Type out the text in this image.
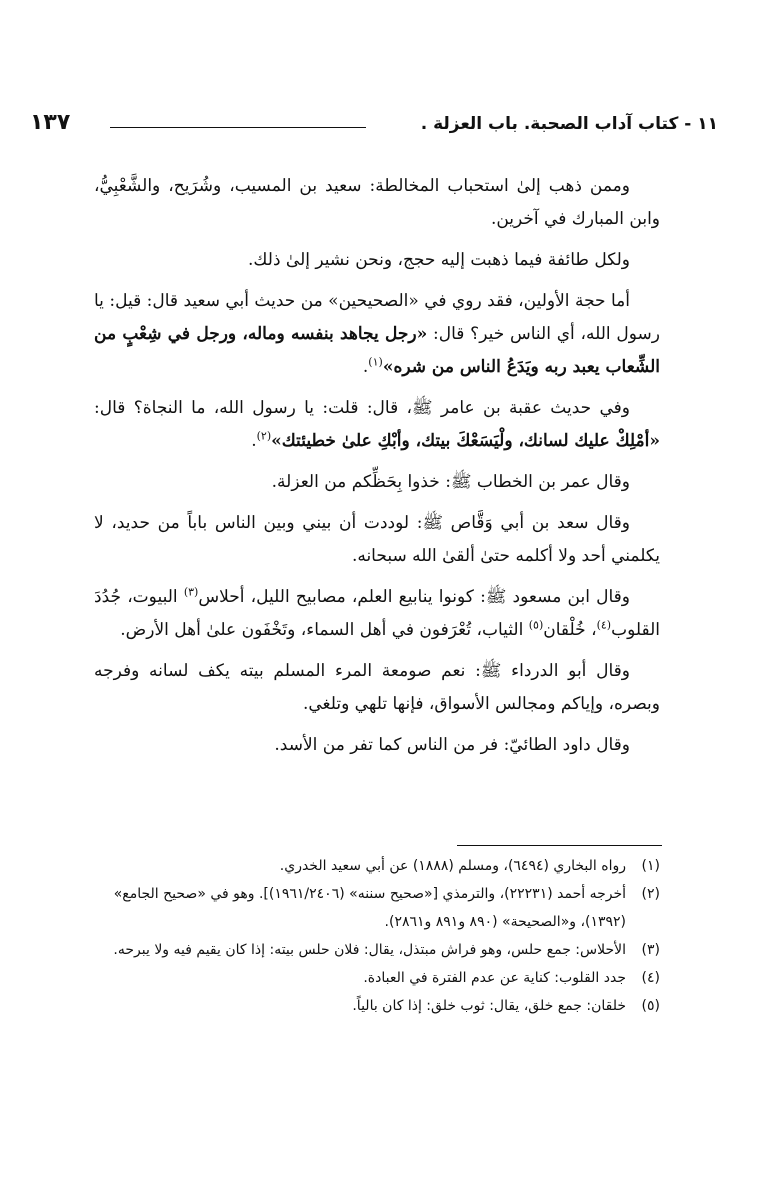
١١ - كتاب آداب الصحبة. باب العزلة .
١٣٧

وممن ذهب إلىٰ استحباب المخالطة: سعيد بن المسيب، وشُرَيح، والشَّعْبِيُّ، وابن المبارك في آخرين.

ولكل طائفة فيما ذهبت إليه حجج، ونحن نشير إلىٰ ذلك.

أما حجة الأولين، فقد روي في «الصحيحين» من حديث أبي سعيد قال: قيل: يا رسول الله، أي الناس خير؟ قال: «رجل يجاهد بنفسه وماله، ورجل في شِعْبٍ من الشِّعاب يعبد ربه ويَدَعُ الناس من شره»$^{(١)}$.

وفي حديث عقبة بن عامر ﷺ، قال: قلت: يا رسول الله، ما النجاة؟ قال: «أمْلِكْ عليك لسانك، ولْيَسَعْكَ بيتك، وأبْكِ علىٰ خطيئتك»$^{(٢)}$.

وقال عمر بن الخطاب ﷺ: خذوا بِحَظِّكم من العزلة.

وقال سعد بن أبي وَقَّاص ﷺ: لوددت أن بيني وبين الناس باباً من حديد، لا يكلمني أحد ولا أكلمه حتىٰ ألقىٰ الله سبحانه.

وقال ابن مسعود ﷺ: كونوا ينابيع العلم، مصابيح الليل، أحلاس$^{(٣)}$ البيوت، جُدُدَ القلوب$^{(٤)}$، خُلْقان$^{(٥)}$ الثياب، تُعْرَفون في أهل السماء، وتَخْفَون علىٰ أهل الأرض.

وقال أبو الدرداء ﷺ: نعم صومعة المرء المسلم بيته يكف لسانه وفرجه وبصره، وإياكم ومجالس الأسواق، فإنها تلهي وتلغي.

وقال داود الطائيّ: فر من الناس كما تفر من الأسد.

(١)
رواه البخاري (٦٤٩٤)، ومسلم (١٨٨٨) عن أبي سعيد الخدري.
(٢)
أخرجه أحمد (٢٢٢٣١)، والترمذي [«صحيح سننه» (١٩٦١/٢٤٠٦)]. وهو في «صحيح الجامع» (١٣٩٢)، و«الصحيحة» (٨٩٠ و٨٩١ و٢٨٦١).
(٣)
الأحلاس: جمع حلس، وهو فراش مبتذل، يقال: فلان حلس بيته: إذا كان يقيم فيه ولا يبرحه.
(٤)
جدد القلوب: كناية عن عدم الفترة في العبادة.
(٥)
خلقان: جمع خلق، يقال: ثوب خلق: إذا كان بالياً.
